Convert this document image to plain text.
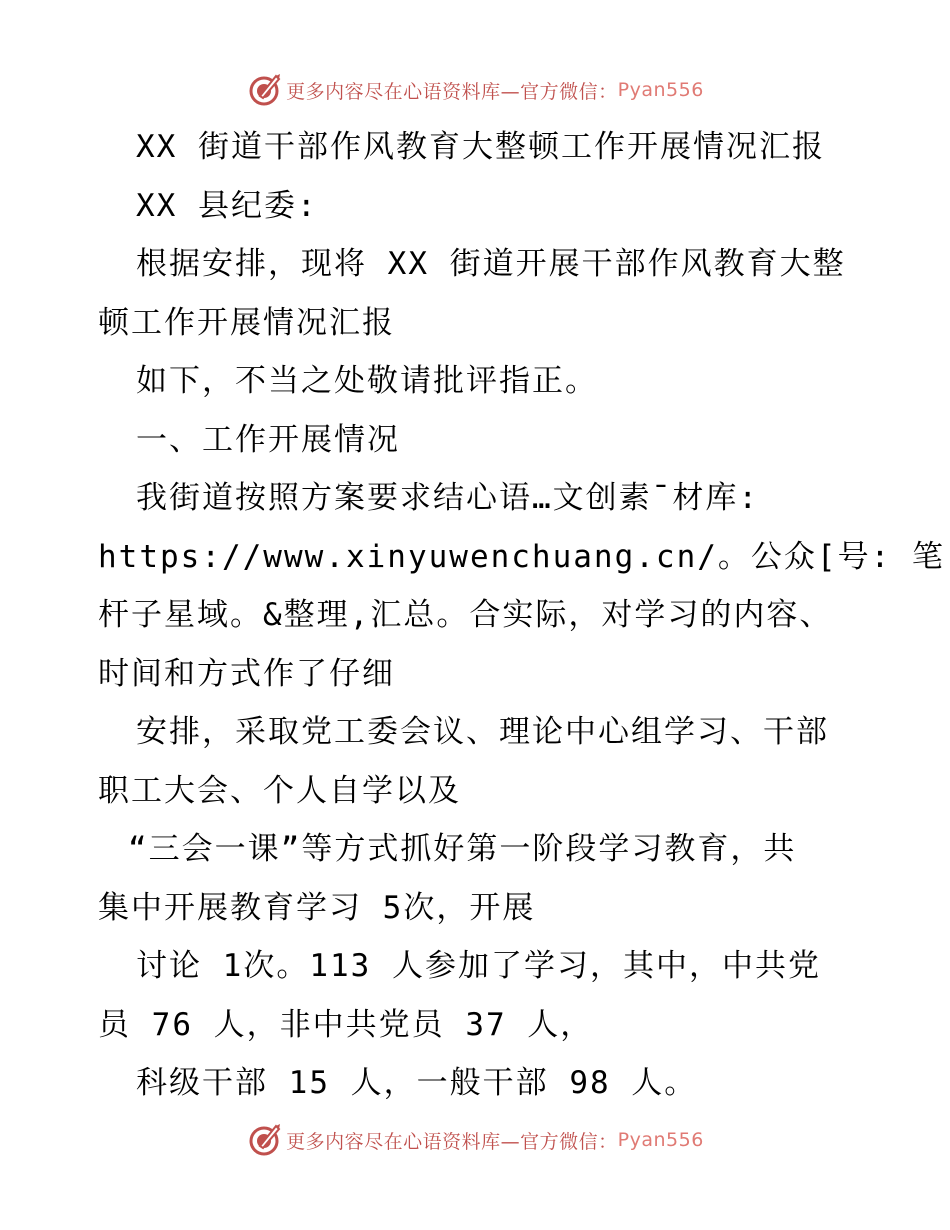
更多内容尽在心语资料库—官方微信： Pyan556
XX 街道干部作风教育大整顿工作开展情况汇报
XX 县纪委:
根据安排，现将 XX 街道开展干部作风教育大整
顿工作开展情况汇报
如下，不当之处敬请批评指正。
一、工作开展情况
我街道按照方案要求结心语…文创素¯材库:
https://www.xinyuwenchuang.cn/。公众[号: 笔
杆子星域。&整理,汇总。合实际，对学习的内容、
时间和方式作了仔细
安排，采取党工委会议、理论中心组学习、干部
职工大会、个人自学以及
“三会一课”等方式抓好第一阶段学习教育，共
集中开展教育学习 5次，开展
讨论 1次。113 人参加了学习，其中，中共党
员 76 人，非中共党员 37 人，
科级干部 15 人，一般干部 98 人。
更多内容尽在心语资料库—官方微信： Pyan556
